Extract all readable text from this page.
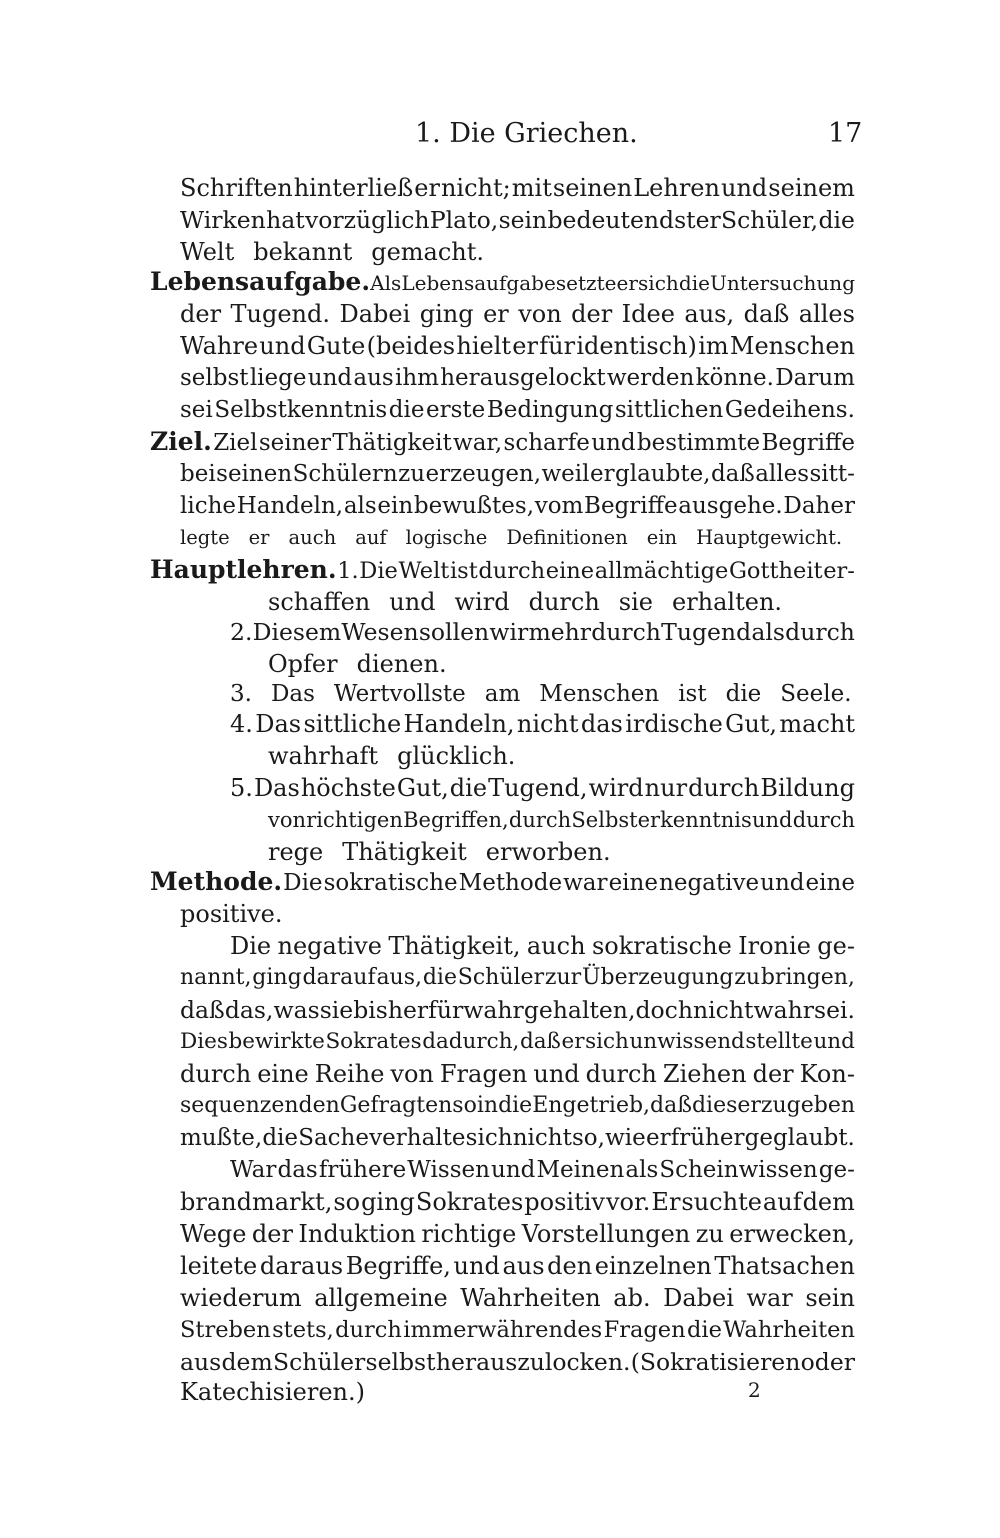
1. Die Griechen.	17
Schriften hinterließ er nicht; mit seinen Lehren und seinem
Wirken hat vorzüglich Plato, sein bedeutendster Schüler, die
Welt bekannt gemacht.
Lebensaufgabe. Als Lebensaufgabe setzte er sich die Untersuchung
der Tugend. Dabei ging er von der Idee aus, daß alles
Wahre und Gute (beides hielt er für identisch) im Menschen
selbst liege und aus ihm herausgelockt werden könne. Darum
sei Selbstkenntnis die erste Bedingung sittlichen Gedeihens.
Ziel. Ziel seiner Thätigkeit war, scharfe und bestimmte Begriffe
bei seinen Schülern zu erzeugen, weil er glaubte, daß alles sitt-
liche Handeln, als ein bewußtes, vom Begriffe ausgehe. Daher
legte er auch auf logische Definitionen ein Hauptgewicht.
Hauptlehren. 1. Die Welt ist durch eine allmächtige Gottheit er-
schaffen und wird durch sie erhalten.
2. Diesem Wesen sollen wir mehr durch Tugend als durch
Opfer dienen.
3. Das Wertvollste am Menschen ist die Seele.
4. Das sittliche Handeln, nicht das irdische Gut, macht
wahrhaft glücklich.
5. Das höchste Gut, die Tugend, wird nur durch Bildung
von richtigen Begriffen, durch Selbsterkenntnis und durch
rege Thätigkeit erworben.
Methode. Die sokratische Methode war eine negative und eine
positive.
Die negative Thätigkeit, auch sokratische Ironie ge-
nannt, ging darauf aus, die Schüler zur Überzeugung zu bringen,
daß das, was sie bisher für wahr gehalten, doch nicht wahr sei.
Dies bewirkte Sokrates dadurch, daß er sich unwissend stellte und
durch eine Reihe von Fragen und durch Ziehen der Kon-
sequenzen den Gefragten so in die Enge trieb, daß dieser zugeben
mußte, die Sache verhalte sich nicht so, wie er früher geglaubt.
War das frühere Wissen und Meinen als Scheinwissen ge-
brandmarkt, so ging Sokrates positiv vor. Er suchte auf dem
Wege der Induktion richtige Vorstellungen zu erwecken,
leitete daraus Begriffe, und aus den einzelnen Thatsachen
wiederum allgemeine Wahrheiten ab. Dabei war sein
Streben stets, durch immerwährendes Fragen die Wahrheiten
aus dem Schüler selbst herauszulocken. (Sokratisieren oder
Katechisieren.)	2
